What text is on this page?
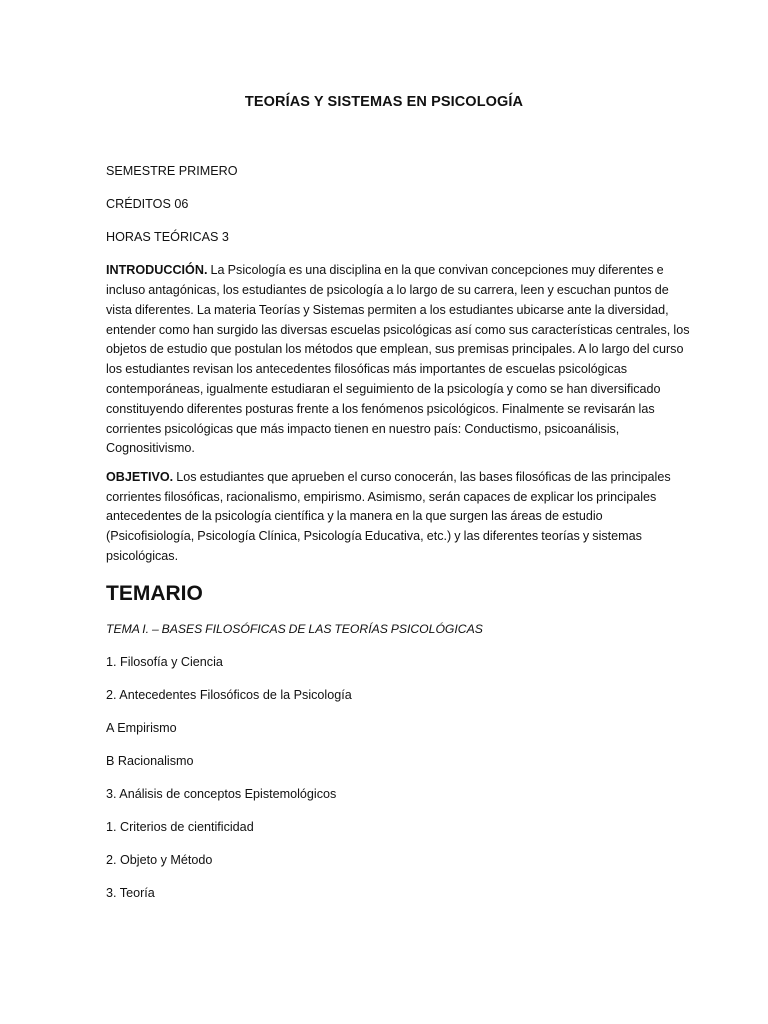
TEORÍAS Y SISTEMAS EN PSICOLOGÍA
SEMESTRE PRIMERO
CRÉDITOS 06
HORAS TEÓRICAS 3

INTRODUCCIÓN. La Psicología es una disciplina en la que convivan concepciones muy diferentes e incluso antagónicas, los estudiantes de psicología a lo largo de su carrera, leen y escuchan puntos de vista diferentes. La materia Teorías y Sistemas permiten a los estudiantes ubicarse ante la diversidad, entender como han surgido las diversas escuelas psicológicas así como sus características centrales, los objetos de estudio que postulan los métodos que emplean, sus premisas principales. A lo largo del curso los estudiantes revisan los antecedentes filosóficas más importantes de escuelas psicológicas contemporáneas, igualmente estudiaran el seguimiento de la psicología y como se han diversificado constituyendo diferentes posturas frente a los fenómenos psicológicos. Finalmente se revisarán las corrientes psicológicas que más impacto tienen en nuestro país: Conductismo, psicoanálisis, Cognositivismo.

OBJETIVO. Los estudiantes que aprueben el curso conocerán, las bases filosóficas de las principales corrientes filosóficas, racionalismo, empirismo. Asimismo, serán capaces de explicar los principales antecedentes de la psicología científica y la manera en la que surgen las áreas de estudio (Psicofisiología, Psicología Clínica, Psicología Educativa, etc.) y las diferentes teorías y sistemas psicológicas.

TEMARIO
TEMA I. – BASES FILOSÓFICAS DE LAS TEORÍAS PSICOLÓGICAS
1. Filosofía y Ciencia
2. Antecedentes Filosóficos de la Psicología
A Empirismo
B Racionalismo
3. Análisis de conceptos Epistemológicos
1. Criterios de cientificidad
2. Objeto y Método
3. Teoría
